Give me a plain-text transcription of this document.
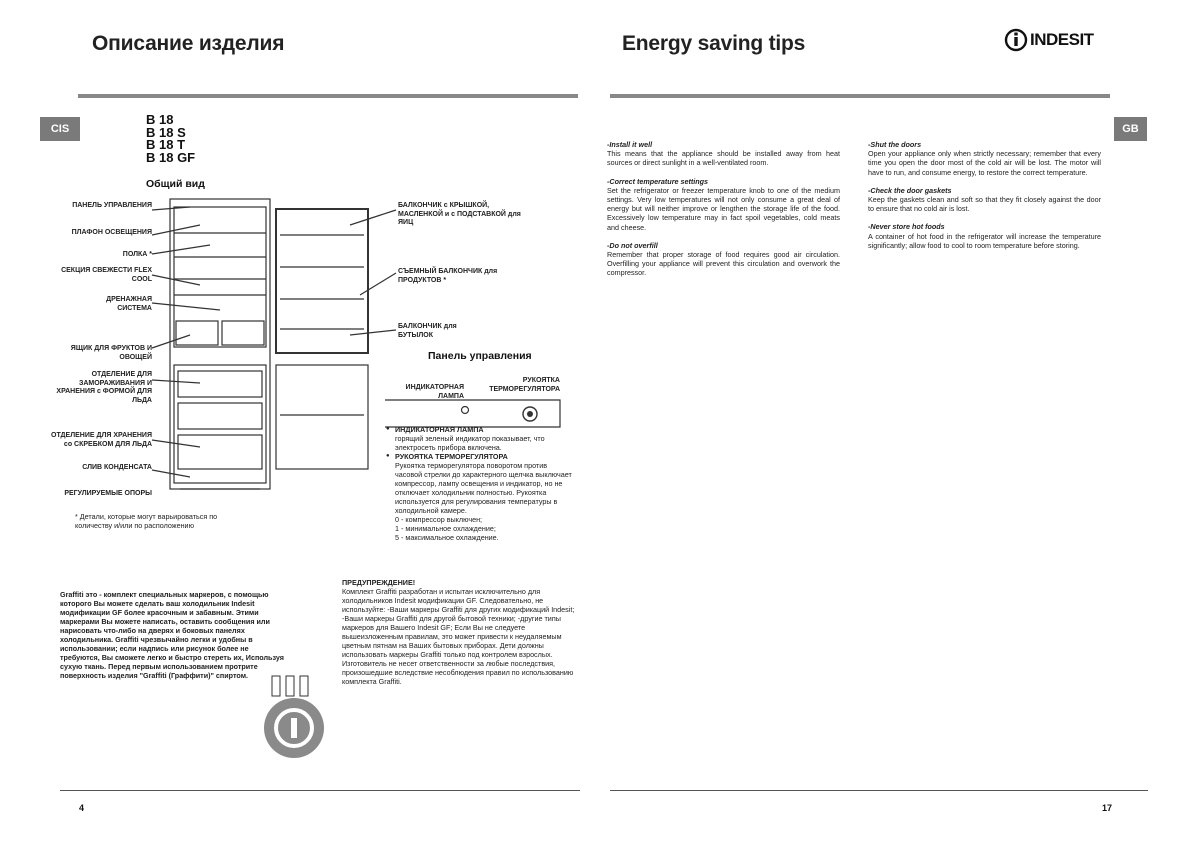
Описание изделия
CIS
B 18
B 18 S
B 18 T
B 18 GF
Общий вид
ПАНЕЛЬ УПРАВЛЕНИЯ
ПЛАФОН ОСВЕЩЕНИЯ
ПОЛКА *
СЕКЦИЯ СВЕЖЕСТИ FLEX COOL
ДРЕНАЖНАЯ СИСТЕМА
ЯЩИК ДЛЯ ФРУКТОВ И ОВОЩЕЙ
ОТДЕЛЕНИЕ ДЛЯ ЗАМОРАЖИВАНИЯ И ХРАНЕНИЯ с ФОРМОЙ ДЛЯ ЛЬДА
ОТДЕЛЕНИЕ ДЛЯ ХРАНЕНИЯ со СКРЕБКОМ ДЛЯ ЛЬДА
СЛИВ КОНДЕНСАТА
РЕГУЛИРУЕМЫЕ ОПОРЫ
БАЛКОНЧИК с КРЫШКОЙ, МАСЛЕНКОЙ и с ПОДСТАВКОЙ для ЯИЦ
СЪЕМНЫЙ БАЛКОНЧИК для ПРОДУКТОВ *
БАЛКОНЧИК для БУТЫЛОК
* Детали, которые могут варьироваться по количеству и/или по расположению
Панель управления
ИНДИКАТОРНАЯ ЛАМПА
РУКОЯТКА ТЕРМОРЕГУЛЯТОРА
● ИНДИКАТОРНАЯ ЛАМПА
горящий зеленый индикатор показывает, что электросеть прибора включена.
● РУКОЯТКА ТЕРМОРЕГУЛЯТОРА
Рукоятка терморегулятора поворотом против часовой стрелки до характерного щелчка выключает компрессор, лампу освещения и индикатор, но не отключает холодильник полностью. Рукоятка используется для регулирования температуры в холодильной камере.
0 - компрессор выключен;
1 - минимальное охлаждение;
5 - максимальное охлаждение.
Graffiti это - комплект специальных маркеров, с помощью которого Вы можете сделать ваш холодильник Indesit модификации GF более красочным и забавным. Этими маркерами Вы можете написать, оставить сообщения или нарисовать что-либо на дверях и боковых панелях холодильника. Graffiti чрезвычайно легки и удобны в использовании; если надпись или рисунок более не требуются, Вы сможете легко и быстро стереть их, Используя сухую ткань. Перед первым использованием протрите поверхность изделия "Graffiti (Граффити)" спиртом.
ПРЕДУПРЕЖДЕНИЕ!
Комплект Graffiti разработан и испытан исключительно для холодильников Indesit модификации GF. Следовательно, не используйте: -Ваши маркеры Graffiti для других модификаций Indesit; -Ваши маркеры Graffiti для другой бытовой техники; -другие типы маркеров для Вашего Indesit GF; Если Вы не следуете вышеизложенным правилам, это может привести к неудаляемым цветным пятнам на Ваших бытовых приборах. Дети должны использовать маркеры Graffiti только под контролем взрослых. Изготовитель не несет ответственности за любые последствия, произошедшие вследствие несоблюдения правил по использованию комплекта Graffiti.
4
Energy saving tips	INDESIT
GB
-Install it well
This means that the appliance should be installed away from heat sources or direct sunlight in a well-ventilated room.
-Correct temperature settings
Set the refrigerator or freezer temperature knob to one of the medium settings. Very low temperatures will not only consume a great deal of energy but will neither improve or lengthen the storage life of the food. Excessively low temperature may in fact spoil vegetables, cold meats and cheese.
-Do not overfill
Remember that proper storage of food requires good air circulation. Overfilling your appliance will prevent this circulation and overwork the compressor.
-Shut the doors
Open your appliance only when strictly necessary; remember that every time you open the door most of the cold air will be lost. The motor will have to run, and consume energy, to restore the correct temperature.
-Check the door gaskets
Keep the gaskets clean and soft so that they fit closely against the door to ensure that no cold air is lost.
-Never store hot foods
A container of hot food in the refrigerator will increase the temperature significantly; allow food to cool to room temperature before storing.
17
